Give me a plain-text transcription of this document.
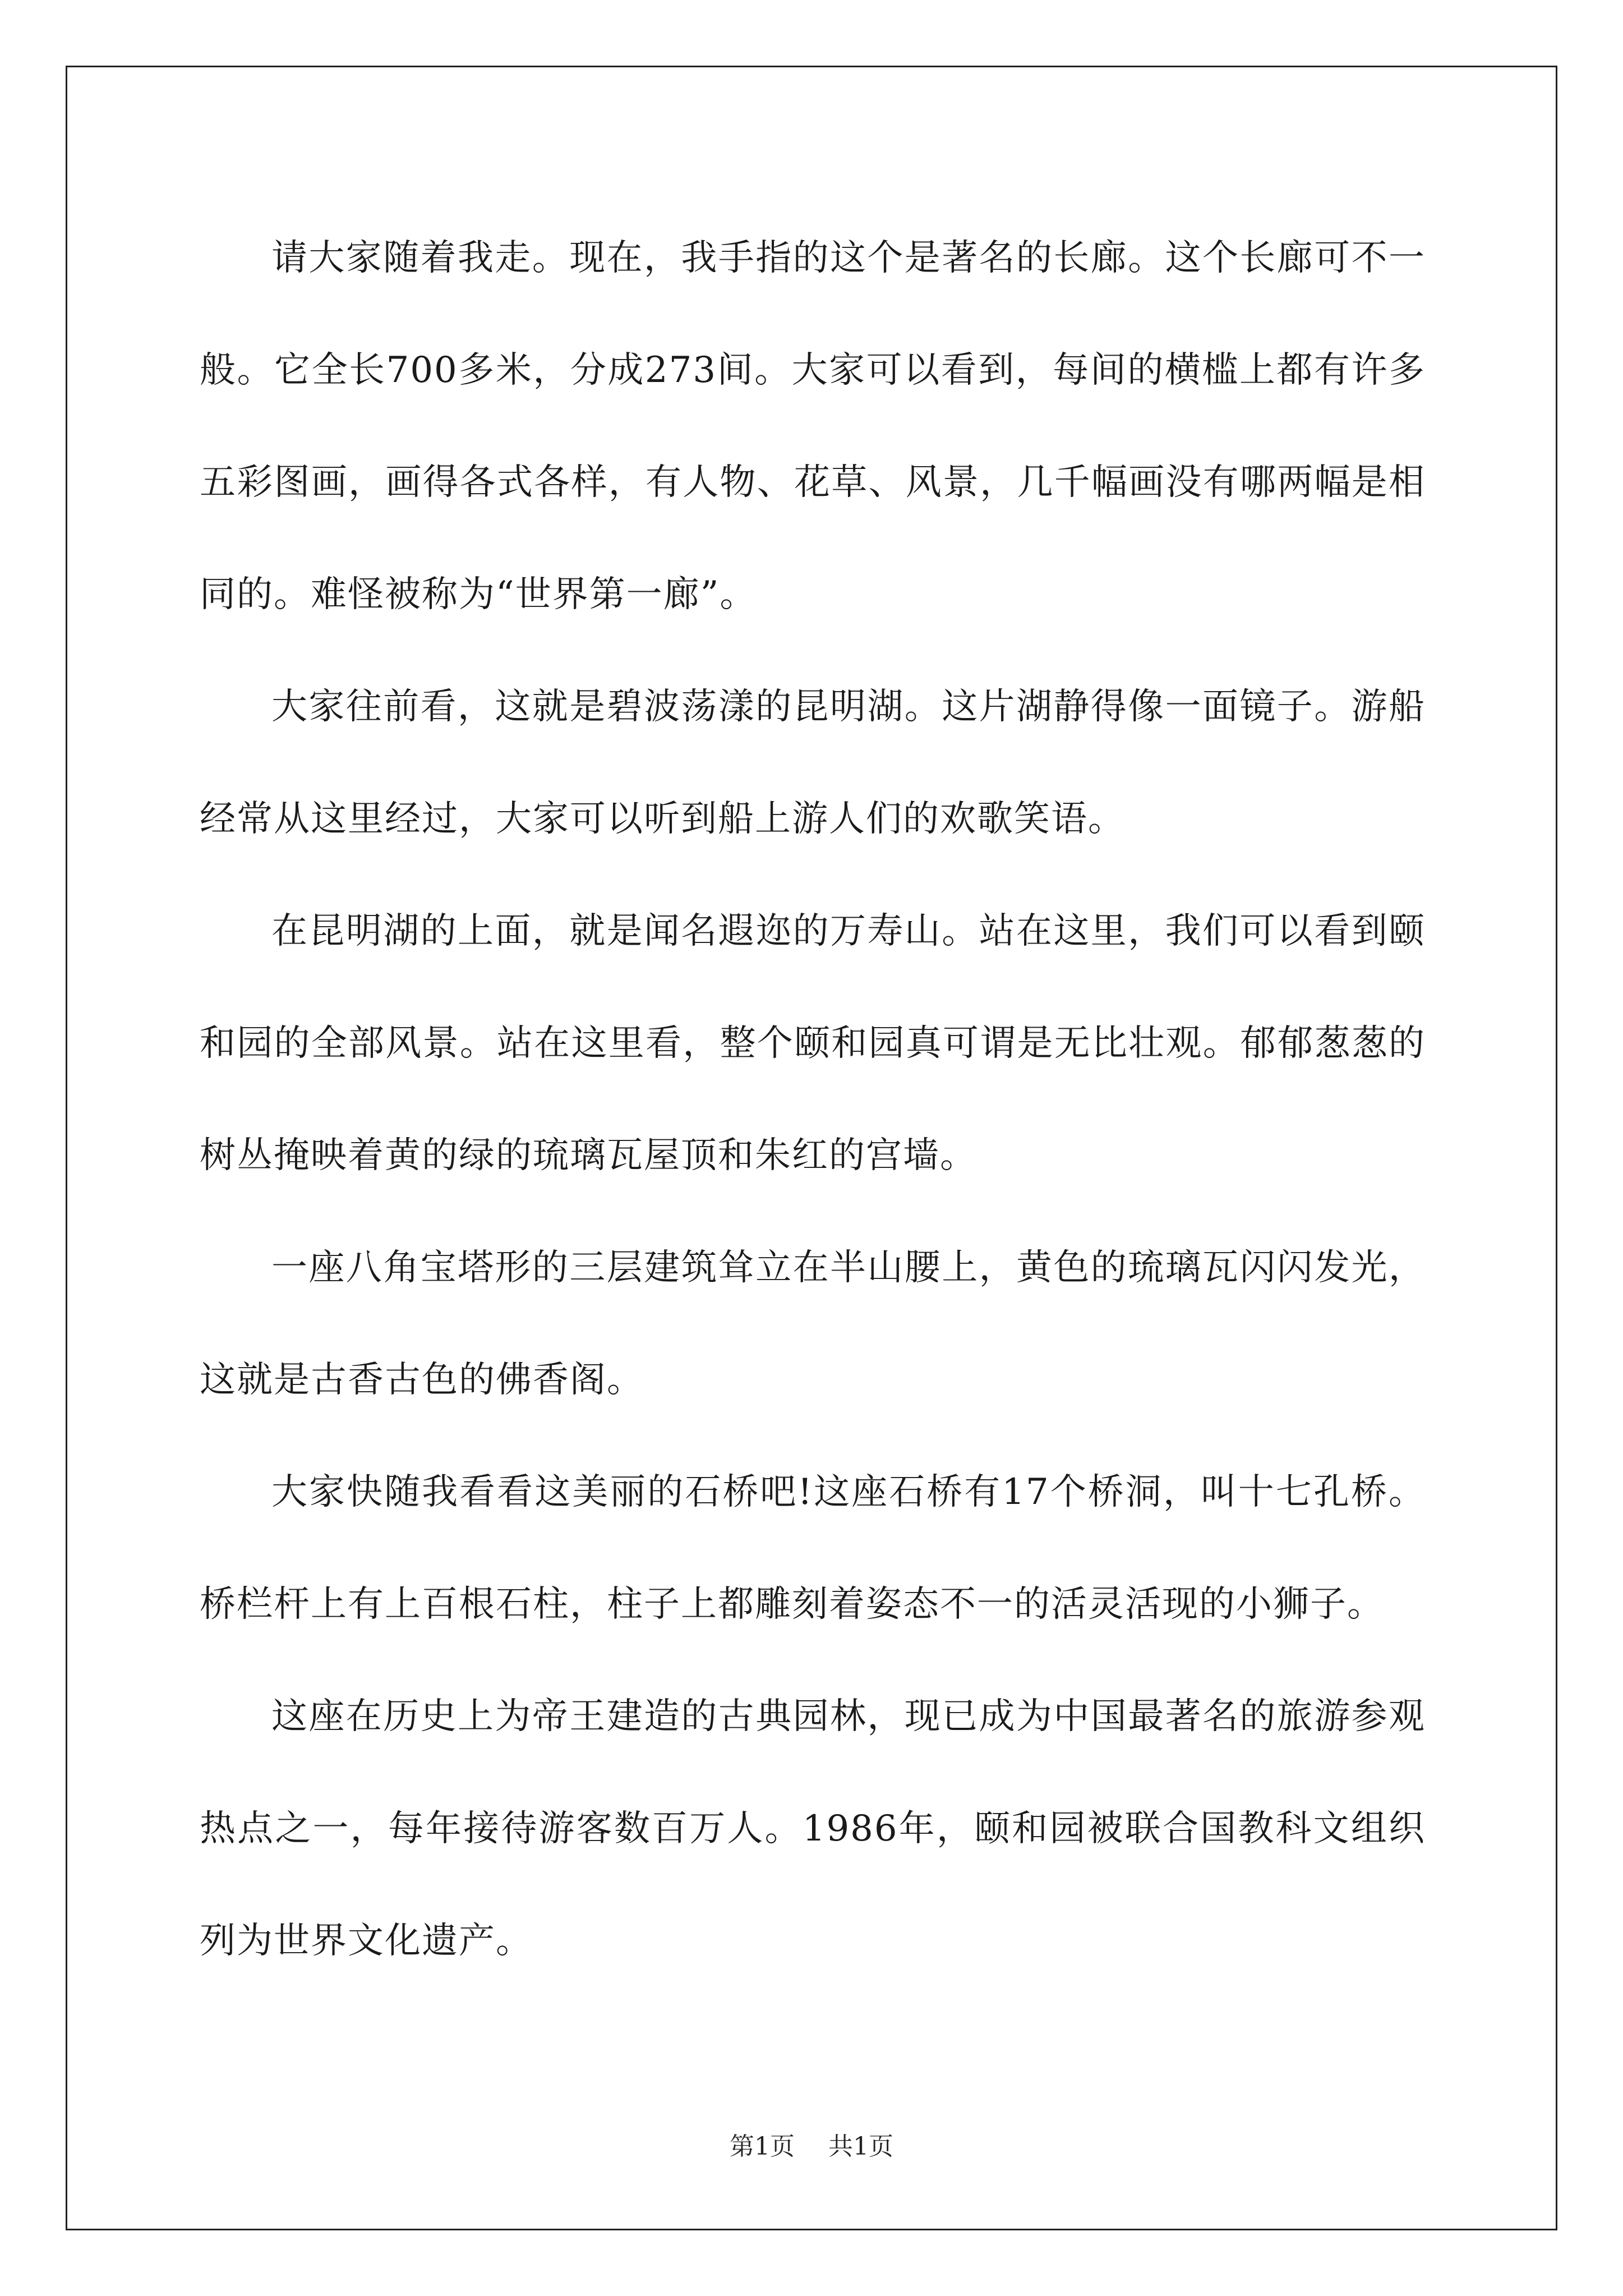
请大家随着我走。现在，我手指的这个是著名的长廊。这个长廊可不一般。它全长700多米，分成273间。大家可以看到，每间的横槛上都有许多五彩图画，画得各式各样，有人物、花草、风景，几千幅画没有哪两幅是相同的。难怪被称为“世界第一廊”。

大家往前看，这就是碧波荡漾的昆明湖。这片湖静得像一面镜子。游船经常从这里经过，大家可以听到船上游人们的欢歌笑语。

在昆明湖的上面，就是闻名遐迩的万寿山。站在这里，我们可以看到颐和园的全部风景。站在这里看，整个颐和园真可谓是无比壮观。郁郁葱葱的树丛掩映着黄的绿的琉璃瓦屋顶和朱红的宫墙。

一座八角宝塔形的三层建筑耸立在半山腰上，黄色的琉璃瓦闪闪发光，这就是古香古色的佛香阁。

大家快随我看看这美丽的石桥吧!这座石桥有17个桥洞，叫十七孔桥。桥栏杆上有上百根石柱，柱子上都雕刻着姿态不一的活灵活现的小狮子。

这座在历史上为帝王建造的古典园林，现已成为中国最著名的旅游参观热点之一，每年接待游客数百万人。1986年，颐和园被联合国教科文组织列为世界文化遗产。

第1页 共1页
